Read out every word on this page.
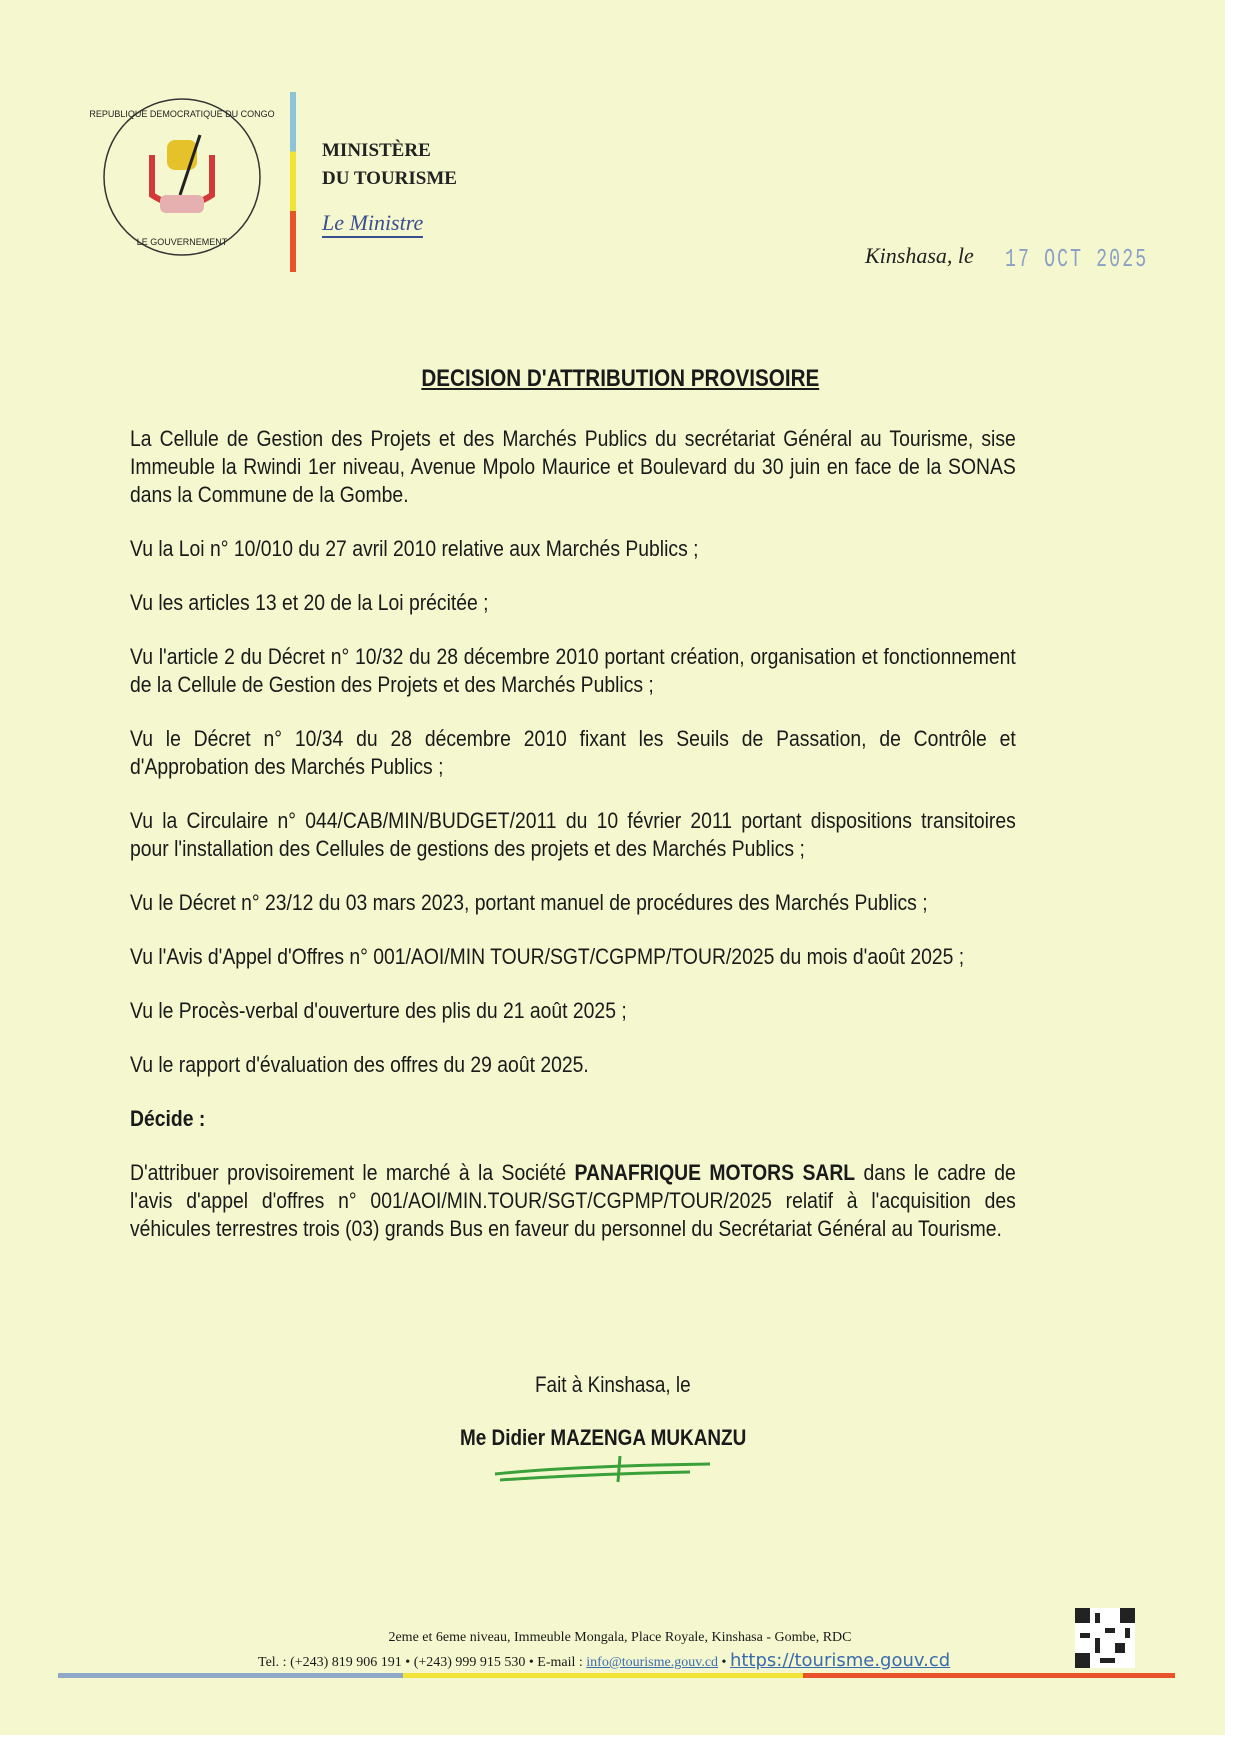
REPUBLIQUE DEMOCRATIQUE DU CONGO
LE GOUVERNEMENT
MINISTÈRE
DU TOURISME
Le Ministre
Kinshasa, le 17 OCT 2025
DECISION D'ATTRIBUTION PROVISOIRE

La Cellule de Gestion des Projets et des Marchés Publics du secrétariat Général au Tourisme, sise Immeuble la Rwindi 1er niveau, Avenue Mpolo Maurice et Boulevard du 30 juin en face de la SONAS dans la Commune de la Gombe.

Vu la Loi n° 10/010 du 27 avril 2010 relative aux Marchés Publics ;

Vu les articles 13 et 20 de la Loi précitée ;

Vu l'article 2 du Décret n° 10/32 du 28 décembre 2010 portant création, organisation et fonctionnement de la Cellule de Gestion des Projets et des Marchés Publics ;

Vu le Décret n° 10/34 du 28 décembre 2010 fixant les Seuils de Passation, de Contrôle et d'Approbation des Marchés Publics ;

Vu la Circulaire n° 044/CAB/MIN/BUDGET/2011 du 10 février 2011 portant dispositions transitoires pour l'installation des Cellules de gestions des projets et des Marchés Publics ;

Vu le Décret n° 23/12 du 03 mars 2023, portant manuel de procédures des Marchés Publics ;

Vu l'Avis d'Appel d'Offres n° 001/AOI/MIN TOUR/SGT/CGPMP/TOUR/2025 du mois d'août 2025 ;

Vu le Procès-verbal d'ouverture des plis du 21 août 2025 ;

Vu le rapport d'évaluation des offres du 29 août 2025.

Décide :

D'attribuer provisoirement le marché à la Société PANAFRIQUE MOTORS SARL dans le cadre de l'avis d'appel d'offres n° 001/AOI/MIN.TOUR/SGT/CGPMP/TOUR/2025 relatif à l'acquisition des véhicules terrestres trois (03) grands Bus en faveur du personnel du Secrétariat Général au Tourisme.

Fait à Kinshasa, le
Me Didier MAZENGA MUKANZU
2eme et 6eme niveau, Immeuble Mongala, Place Royale, Kinshasa - Gombe, RDC
Tel. : (+243) 819 906 191 • (+243) 999 915 530 • E-mail : info@tourisme.gouv.cd • https://tourisme.gouv.cd
